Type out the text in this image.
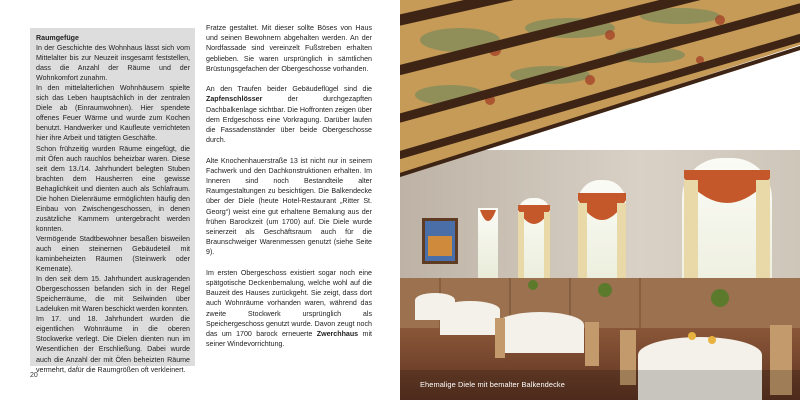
Raumgefüge

In der Geschichte des Wohnhaus lässt sich vom Mittelalter bis zur Neuzeit insgesamt feststellen, dass die Anzahl der Räume und der Wohnkomfort zunahm.

In den mittelalterlichen Wohnhäusern spielte sich das Leben hauptsächlich in der zentralen Diele ab (Einraumwohnen). Hier spendete offenes Feuer Wärme und wurde zum Kochen benutzt. Handwerker und Kaufleute verrichteten hier ihre Arbeit und tätigten Geschäfte.

Schon frühzeitig wurden Räume eingefügt, die mit Öfen auch rauchlos beheizbar waren. Diese seit dem 13./14. Jahrhundert belegten Stuben brachten dem Hausherren eine gewisse Behaglichkeit und dienten auch als Schlafraum. Die hohen Dielenräume ermöglichten häufig den Einbau von Zwischengeschossen, in denen zusätzliche Kammern untergebracht werden konnten.

Vermögende Stadtbewohner besaßen bisweilen auch einen steinernen Gebäudeteil mit kaminbeheizten Räumen (Steinwerk oder Kemenate).

In den seit dem 15. Jahrhundert auskragenden Obergeschossen befanden sich in der Regel Speicherräume, die mit Seilwinden über Ladeluken mit Waren beschickt werden konnten.

Im 17. und 18. Jahrhundert wurden die eigentlichen Wohnräume in die oberen Stockwerke verlegt. Die Dielen dienten nun im Wesentlichen der Erschließung. Dabei wurde auch die Anzahl der mit Öfen beheizten Räume vermehrt, dafür die Raumgrößen oft verkleinert.

Fratze gestaltet. Mit dieser sollte Böses von Haus und seinen Bewohnern abgehalten werden. An der Nordfassade sind vereinzelt Fußstreben erhalten geblieben. Sie waren ursprünglich in sämtlichen Brüstungsgefachen der Obergeschosse vorhanden.

An den Traufen beider Gebäudeflügel sind die Zapfenschlösser der durchgezapften Dachbalkenlage sichtbar. Die Hoffronten zeigen über dem Erdgeschoss eine Vorkragung. Darüber laufen die Fassadenständer über beide Obergeschosse durch.

Alte Knochenhauerstraße 13 ist nicht nur in seinem Fachwerk und den Dachkonstruktionen erhalten. Im Inneren sind noch Bestandteile alter Raumgestaltungen zu besichtigen. Die Balkendecke über der Diele (heute Hotel-Restaurant „Ritter St. Georg“) weist eine gut erhaltene Bemalung aus der frühen Barockzeit (um 1700) auf. Die Diele wurde seinerzeit als Geschäftsraum auch für die Braunschweiger Warenmessen genutzt (siehe Seite 9).

Im ersten Obergeschoss existiert sogar noch eine spätgotische Deckenbemalung, welche wohl auf die Bauzeit des Hauses zurückgeht. Sie zeigt, dass dort auch Wohnräume vorhanden waren, während das zweite Stockwerk ursprünglich als Speichergeschoss genutzt wurde. Davon zeugt noch das um 1700 barock erneuerte Zwerchhaus mit seiner Windevorrichtung.

20
Ehemalige Diele mit bemalter Balkendecke
